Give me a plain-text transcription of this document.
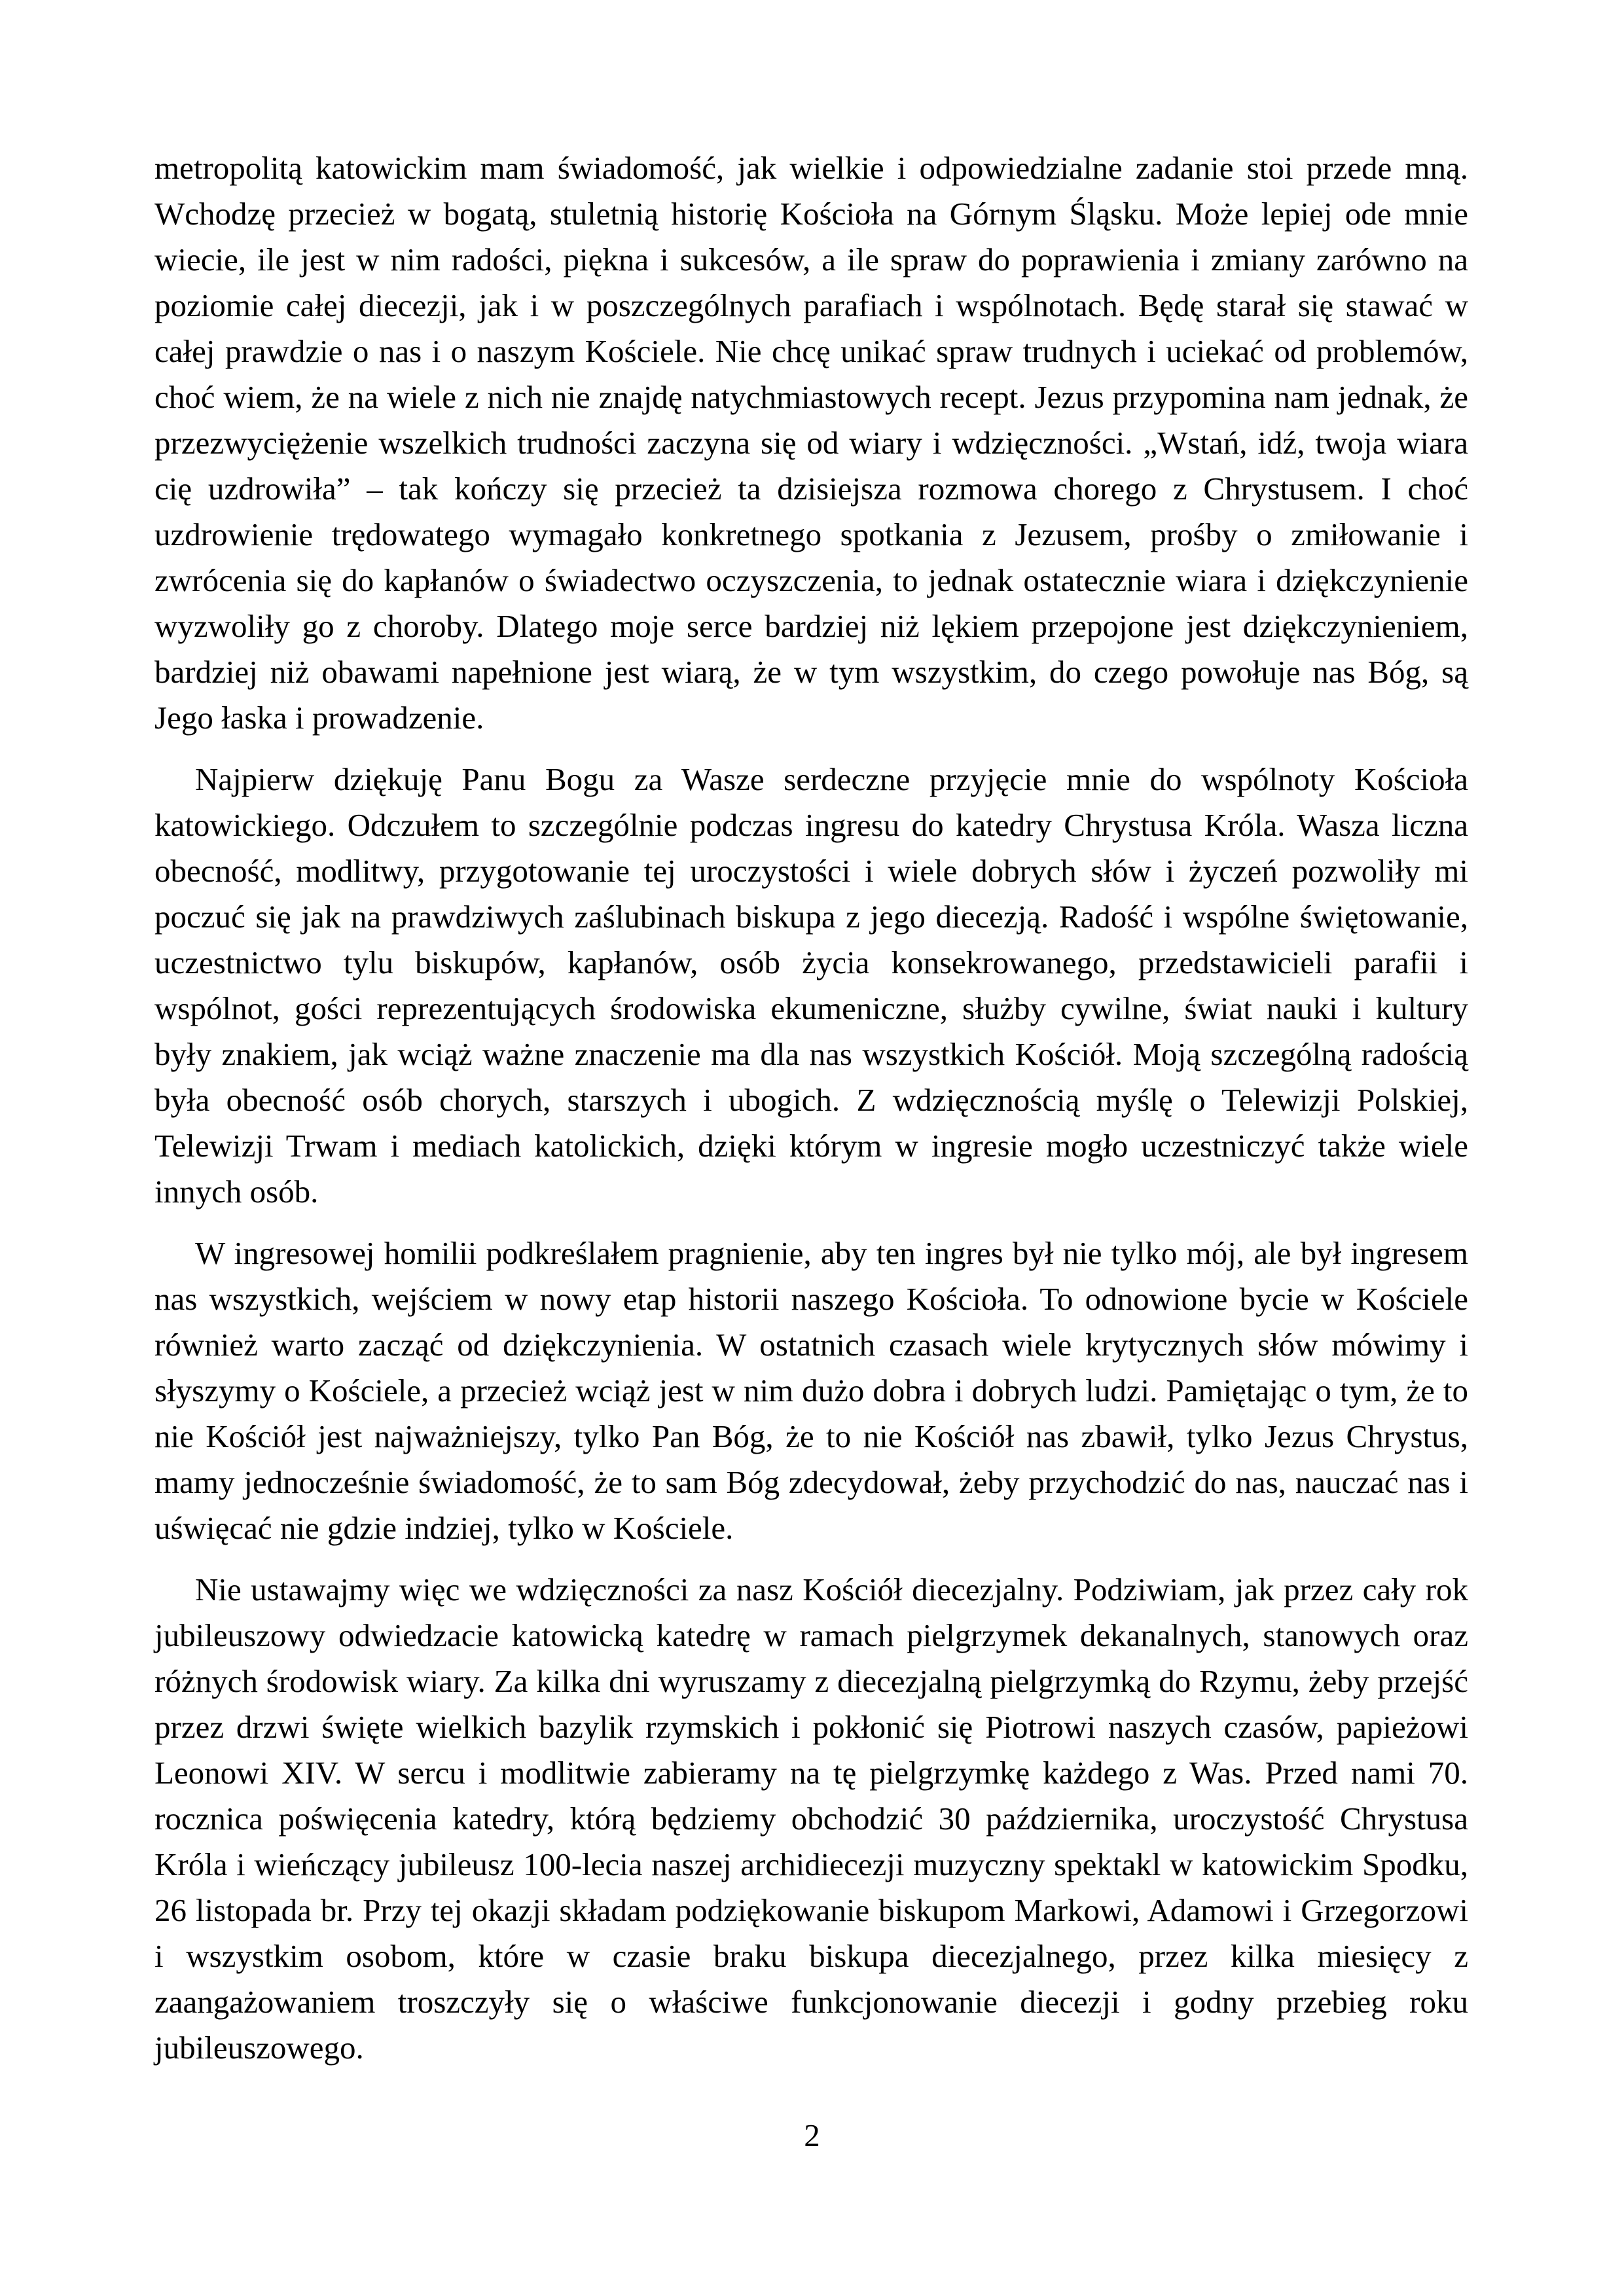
metropolitą katowickim mam świadomość, jak wielkie i odpowiedzialne zadanie stoi przede mną. Wchodzę przecież w bogatą, stuletnią historię Kościoła na Górnym Śląsku. Może lepiej ode mnie wiecie, ile jest w nim radości, piękna i sukcesów, a ile spraw do poprawienia i zmiany zarówno na poziomie całej diecezji, jak i w poszczególnych parafiach i wspólnotach. Będę starał się stawać w całej prawdzie o nas i o naszym Kościele. Nie chcę unikać spraw trudnych i uciekać od problemów, choć wiem, że na wiele z nich nie znajdę natychmiastowych recept. Jezus przypomina nam jednak, że przezwyciężenie wszelkich trudności zaczyna się od wiary i wdzięczności. „Wstań, idź, twoja wiara cię uzdrowiła” – tak kończy się przecież ta dzisiejsza rozmowa chorego z Chrystusem. I choć uzdrowienie trędowatego wymagało konkretnego spotkania z Jezusem, prośby o zmiłowanie i zwrócenia się do kapłanów o świadectwo oczyszczenia, to jednak ostatecznie wiara i dziękczynienie wyzwoliły go z choroby. Dlatego moje serce bardziej niż lękiem przepojone jest dziękczynieniem, bardziej niż obawami napełnione jest wiarą, że w tym wszystkim, do czego powołuje nas Bóg, są Jego łaska i prowadzenie.

Najpierw dziękuję Panu Bogu za Wasze serdeczne przyjęcie mnie do wspólnoty Kościoła katowickiego. Odczułem to szczególnie podczas ingresu do katedry Chrystusa Króla. Wasza liczna obecność, modlitwy, przygotowanie tej uroczystości i wiele dobrych słów i życzeń pozwoliły mi poczuć się jak na prawdziwych zaślubinach biskupa z jego diecezją. Radość i wspólne świętowanie, uczestnictwo tylu biskupów, kapłanów, osób życia konsekrowanego, przedstawicieli parafii i wspólnot, gości reprezentujących środowiska ekumeniczne, służby cywilne, świat nauki i kultury były znakiem, jak wciąż ważne znaczenie ma dla nas wszystkich Kościół. Moją szczególną radością była obecność osób chorych, starszych i ubogich. Z wdzięcznością myślę o Telewizji Polskiej, Telewizji Trwam i mediach katolickich, dzięki którym w ingresie mogło uczestniczyć także wiele innych osób.

W ingresowej homilii podkreślałem pragnienie, aby ten ingres był nie tylko mój, ale był ingresem nas wszystkich, wejściem w nowy etap historii naszego Kościoła. To odnowione bycie w Kościele również warto zacząć od dziękczynienia. W ostatnich czasach wiele krytycznych słów mówimy i słyszymy o Kościele, a przecież wciąż jest w nim dużo dobra i dobrych ludzi. Pamiętając o tym, że to nie Kościół jest najważniejszy, tylko Pan Bóg, że to nie Kościół nas zbawił, tylko Jezus Chrystus, mamy jednocześnie świadomość, że to sam Bóg zdecydował, żeby przychodzić do nas, nauczać nas i uświęcać nie gdzie indziej, tylko w Kościele.

Nie ustawajmy więc we wdzięczności za nasz Kościół diecezjalny. Podziwiam, jak przez cały rok jubileuszowy odwiedzacie katowicką katedrę w ramach pielgrzymek dekanalnych, stanowych oraz różnych środowisk wiary. Za kilka dni wyruszamy z diecezjalną pielgrzymką do Rzymu, żeby przejść przez drzwi święte wielkich bazylik rzymskich i pokłonić się Piotrowi naszych czasów, papieżowi Leonowi XIV. W sercu i modlitwie zabieramy na tę pielgrzymkę każdego z Was. Przed nami 70. rocznica poświęcenia katedry, którą będziemy obchodzić 30 października, uroczystość Chrystusa Króla i wieńczący jubileusz 100-lecia naszej archidiecezji muzyczny spektakl w katowickim Spodku, 26 listopada br. Przy tej okazji składam podziękowanie biskupom Markowi, Adamowi i Grzegorzowi i wszystkim osobom, które w czasie braku biskupa diecezjalnego, przez kilka miesięcy z zaangażowaniem troszczyły się o właściwe funkcjonowanie diecezji i godny przebieg roku jubileuszowego.

2
